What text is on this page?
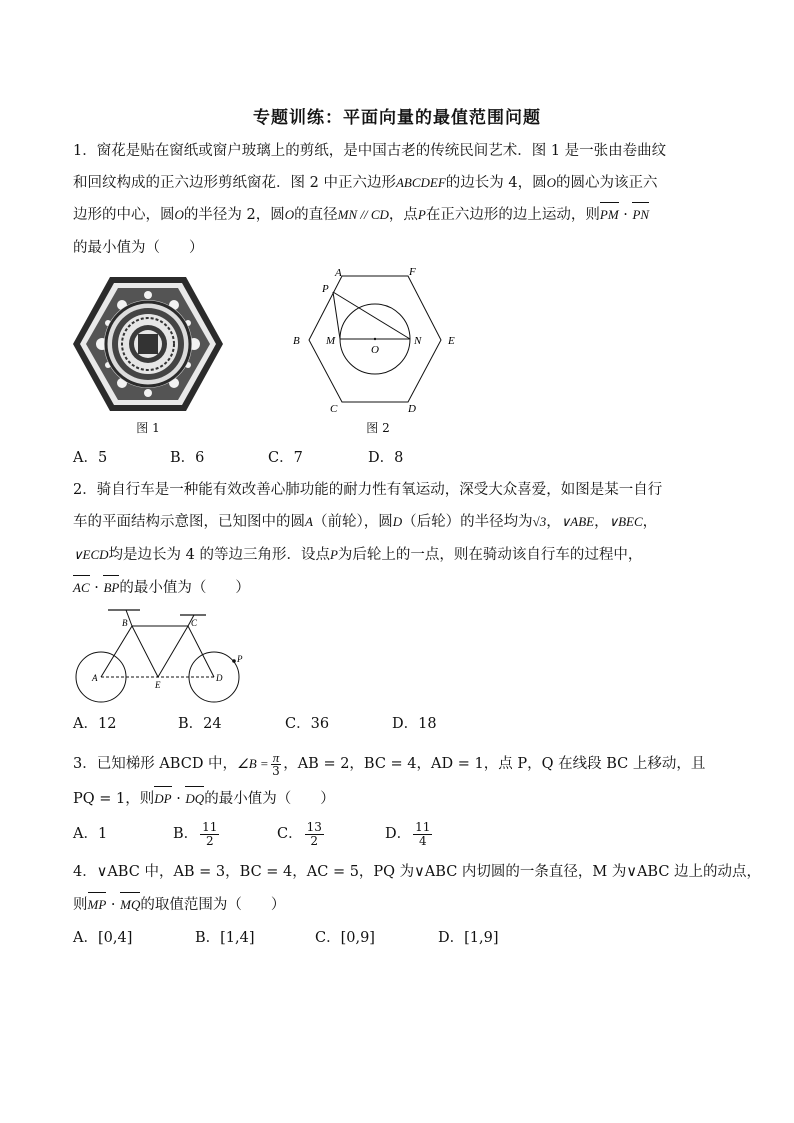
专题训练：平面向量的最值范围问题
1．窗花是贴在窗纸或窗户玻璃上的剪纸，是中国古老的传统民间艺术．图 1 是一张由卷曲纹
和回纹构成的正六边形剪纸窗花．图 2 中正六边形ABCDEF的边长为 4，圆O的圆心为该正六
边形的中心，圆O的半径为 2，圆O的直径MN // CD，点P在正六边形的边上运动，则PM · PN
的最小值为（　　）
图 1
A	F
P
B M
O
N E
C	D
图 2
A．5	B．6	C．7	D．8
2．骑自行车是一种能有效改善心肺功能的耐力性有氧运动，深受大众喜爱，如图是某一自行
车的平面结构示意图，已知图中的圆A（前轮），圆D（后轮）的半径均为√3，∨ABE，∨BEC，
∨ECD均是边长为 4 的等边三角形．设点P为后轮上的一点，则在骑动该自行车的过程中，
AC · BP的最小值为（　　）
A
B	C
D
E
P
A．12	B．24	C．36	D．18
3．已知梯形 ABCD 中，∠B = $\frac{\pi}{3}$ ，AB = 2，BC = 4，AD = 1，点 P，Q 在线段 BC 上移动，且
PQ = 1，则DP · DQ的最小值为（　　）
A．1	B． $\frac{11}{2}$	C． $\frac{13}{2}$	D． $\frac{11}{4}$
4．∨ABC 中，AB = 3，BC = 4，AC = 5，PQ 为∨ABC 内切圆的一条直径，M 为∨ABC 边上的动点，
则MP · MQ的取值范围为（　　）
A．[0,4]	B．[1,4]	C．[0,9]	D．[1,9]
